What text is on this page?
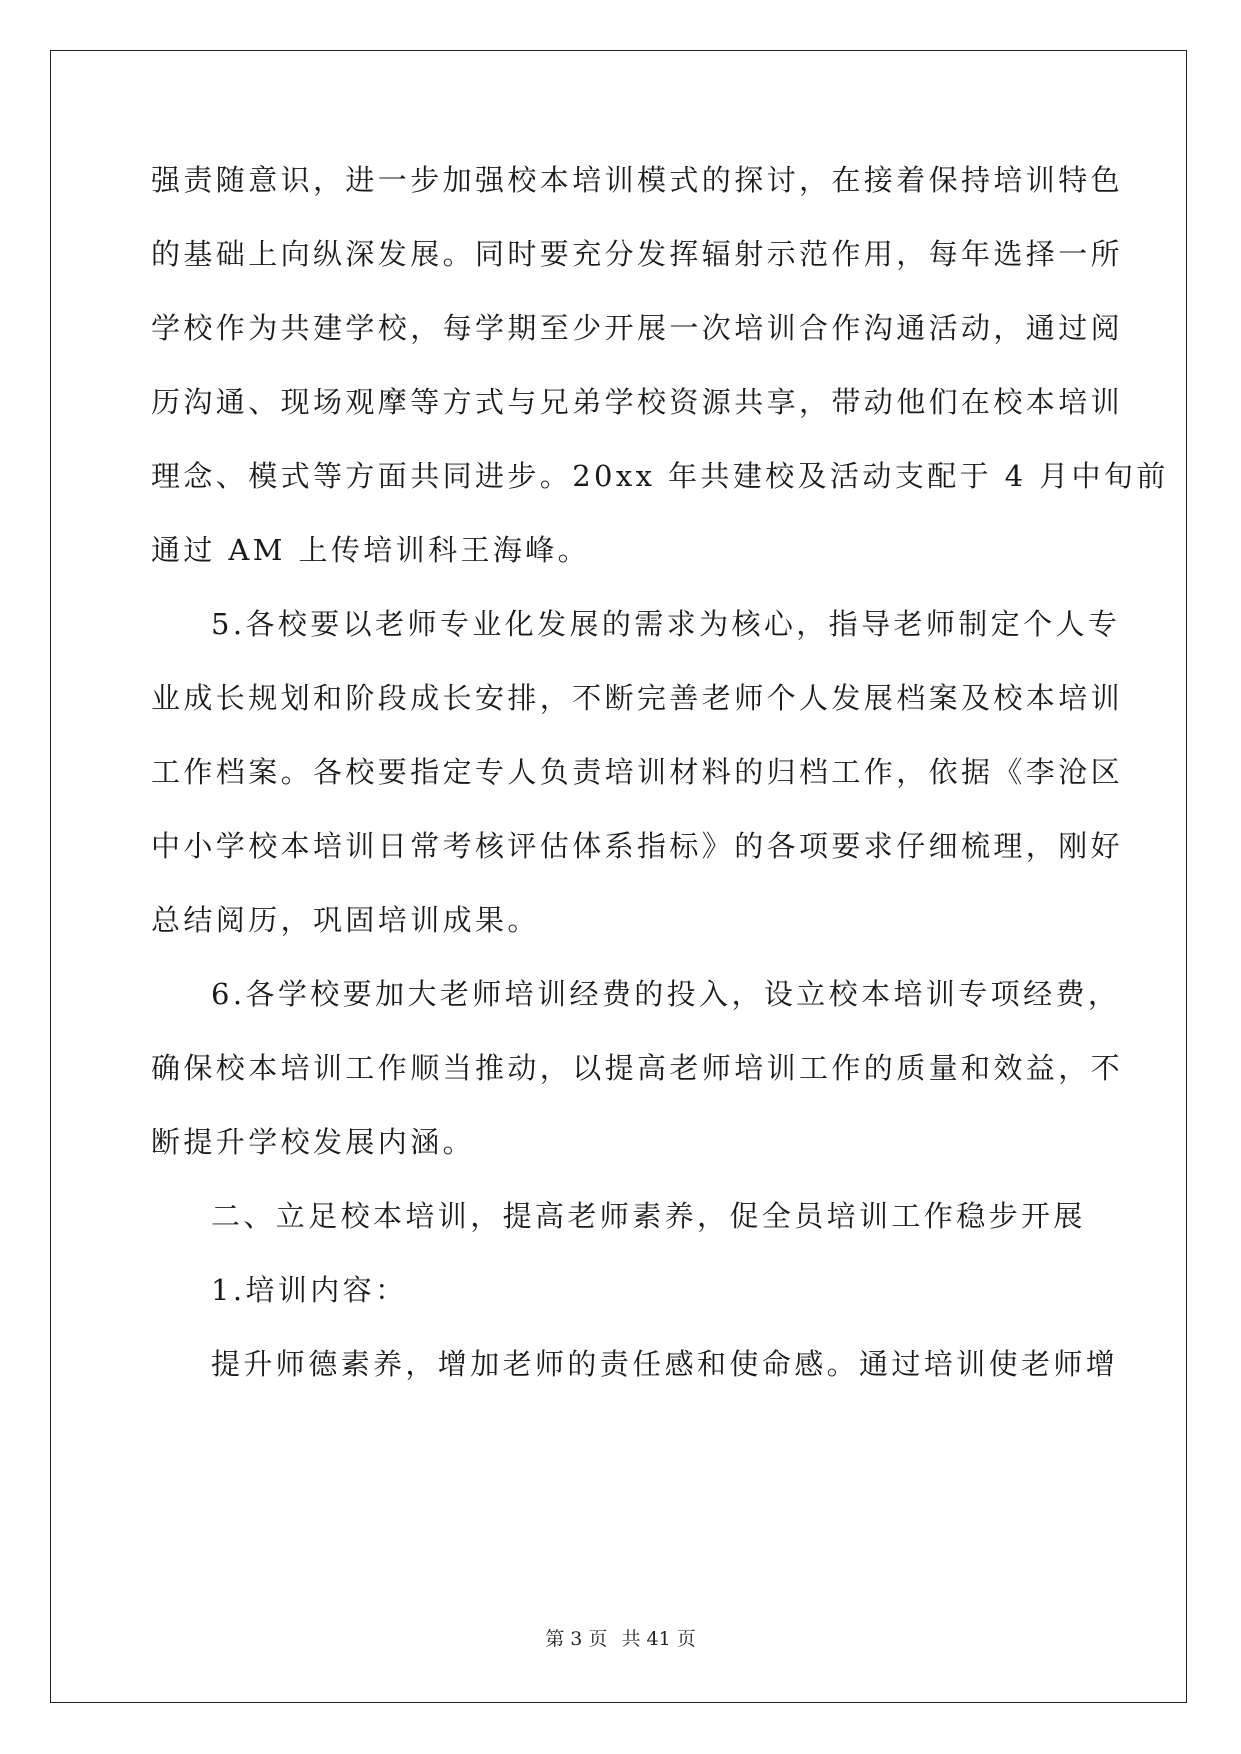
强责随意识，进一步加强校本培训模式的探讨，在接着保持培训特色
的基础上向纵深发展。同时要充分发挥辐射示范作用，每年选择一所
学校作为共建学校，每学期至少开展一次培训合作沟通活动，通过阅
历沟通、现场观摩等方式与兄弟学校资源共享，带动他们在校本培训
理念、模式等方面共同进步。20xx 年共建校及活动支配于 4 月中旬前
通过 AM 上传培训科王海峰。
5.各校要以老师专业化发展的需求为核心，指导老师制定个人专
业成长规划和阶段成长安排，不断完善老师个人发展档案及校本培训
工作档案。各校要指定专人负责培训材料的归档工作，依据《李沧区
中小学校本培训日常考核评估体系指标》的各项要求仔细梳理，刚好
总结阅历，巩固培训成果。
6.各学校要加大老师培训经费的投入，设立校本培训专项经费，
确保校本培训工作顺当推动，以提高老师培训工作的质量和效益，不
断提升学校发展内涵。
二、立足校本培训，提高老师素养，促全员培训工作稳步开展
1.培训内容：
提升师德素养，增加老师的责任感和使命感。通过培训使老师增
第 3 页 共 41 页
